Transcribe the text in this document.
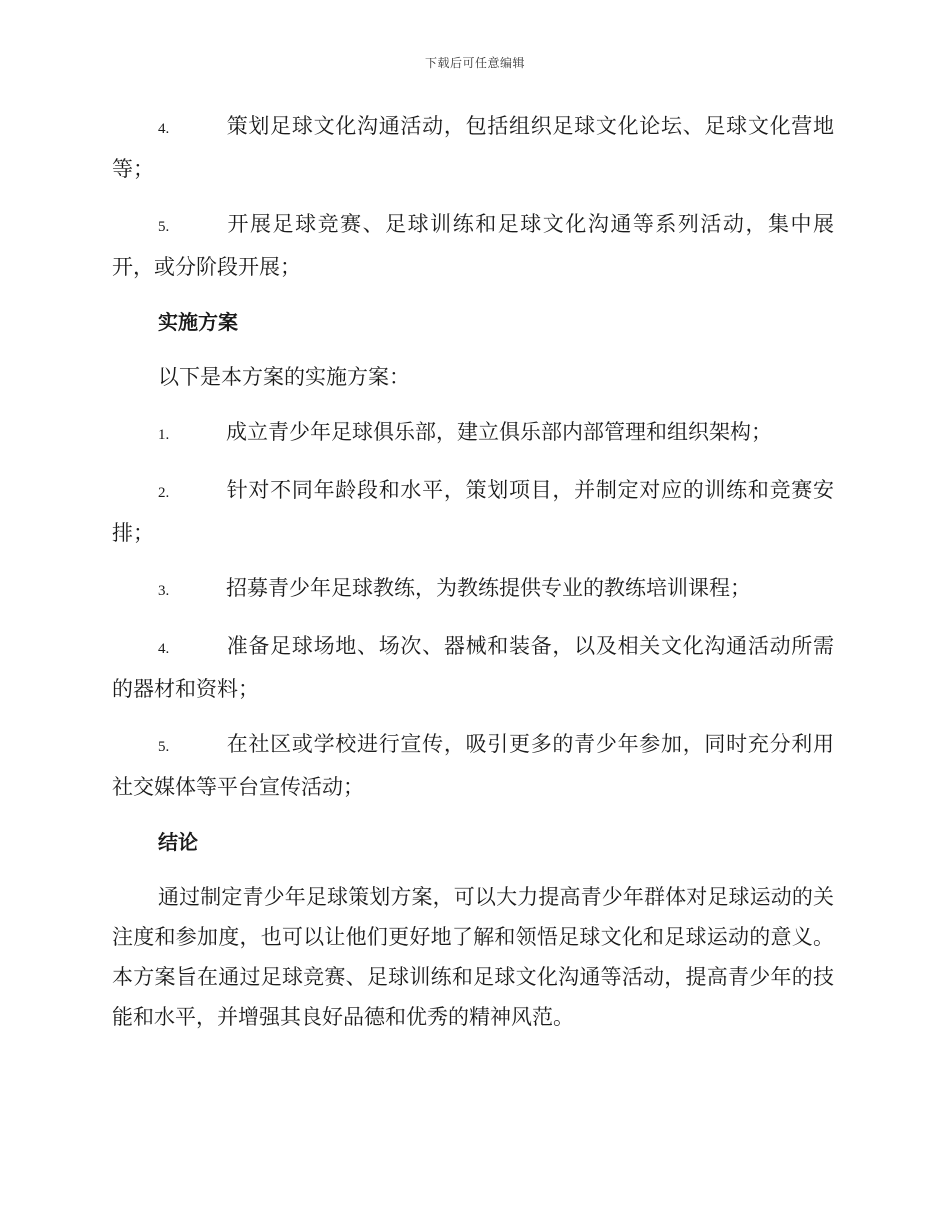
下载后可任意编辑

4.	策划足球文化沟通活动，包括组织足球文化论坛、足球文化营地等；

5.	开展足球竞赛、足球训练和足球文化沟通等系列活动，集中展开，或分阶段开展；

实施方案

以下是本方案的实施方案：

1.	成立青少年足球俱乐部，建立俱乐部内部管理和组织架构；

2.	针对不同年龄段和水平，策划项目，并制定对应的训练和竞赛安排；

3.	招募青少年足球教练，为教练提供专业的教练培训课程；

4.	准备足球场地、场次、器械和装备，以及相关文化沟通活动所需的器材和资料；

5.	在社区或学校进行宣传，吸引更多的青少年参加，同时充分利用社交媒体等平台宣传活动；

结论

通过制定青少年足球策划方案，可以大力提高青少年群体对足球运动的关注度和参加度，也可以让他们更好地了解和领悟足球文化和足球运动的意义。本方案旨在通过足球竞赛、足球训练和足球文化沟通等活动，提高青少年的技能和水平，并增强其良好品德和优秀的精神风范。
